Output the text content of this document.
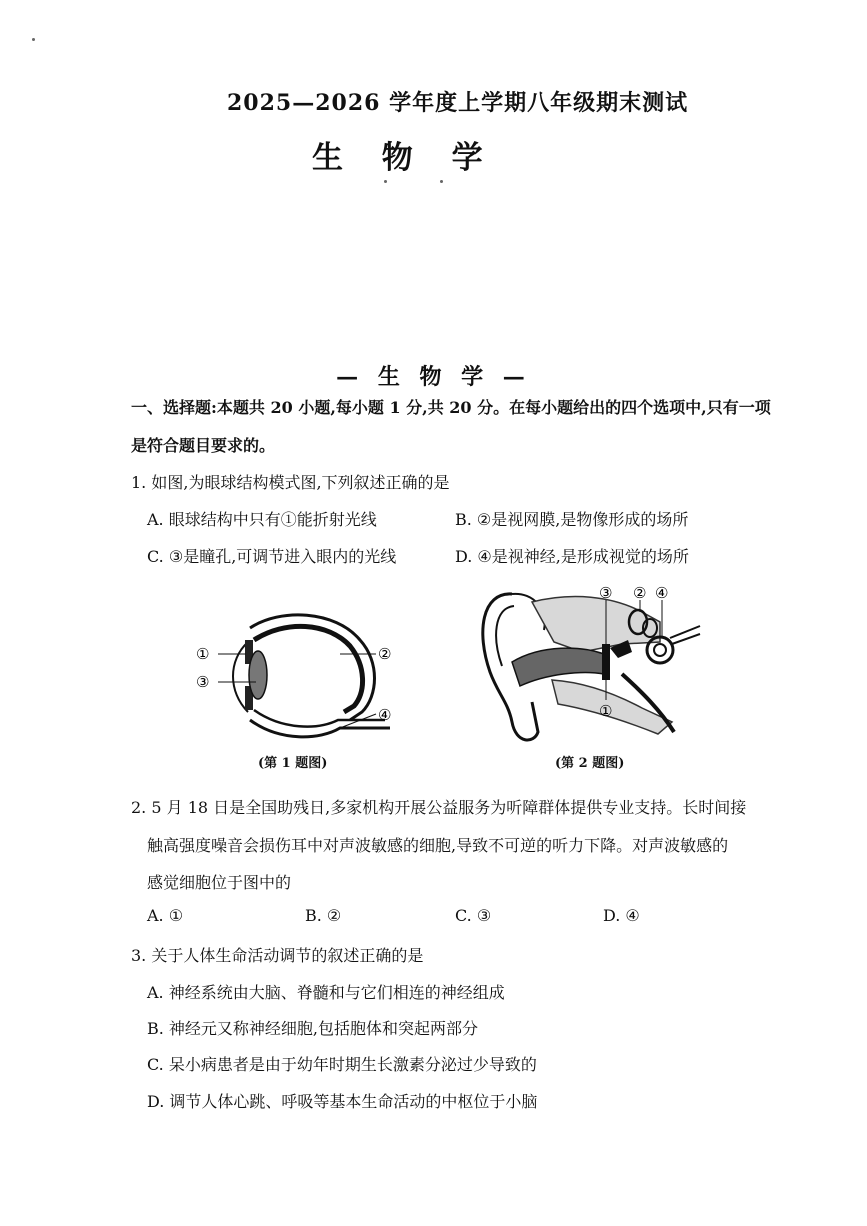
2025—2026 学年度上学期八年级期末测试
生 物 学
— 生 物 学 —
一、选择题:本题共 20 小题,每小题 1 分,共 20 分。在每小题给出的四个选项中,只有一项
是符合题目要求的。
1. 如图,为眼球结构模式图,下列叙述正确的是
A. 眼球结构中只有①能折射光线	B. ②是视网膜,是物像形成的场所
C. ③是瞳孔,可调节进入眼内的光线	D. ④是视神经,是形成视觉的场所
①
③
②
④
③ ② ④
①
(第 1 题图)	(第 2 题图)
2. 5 月 18 日是全国助残日,多家机构开展公益服务为听障群体提供专业支持。长时间接
触高强度噪音会损伤耳中对声波敏感的细胞,导致不可逆的听力下降。对声波敏感的
感觉细胞位于图中的
A. ①	B. ②	C. ③	D. ④
3. 关于人体生命活动调节的叙述正确的是
A. 神经系统由大脑、脊髓和与它们相连的神经组成
B. 神经元又称神经细胞,包括胞体和突起两部分
C. 呆小病患者是由于幼年时期生长激素分泌过少导致的
D. 调节人体心跳、呼吸等基本生命活动的中枢位于小脑
